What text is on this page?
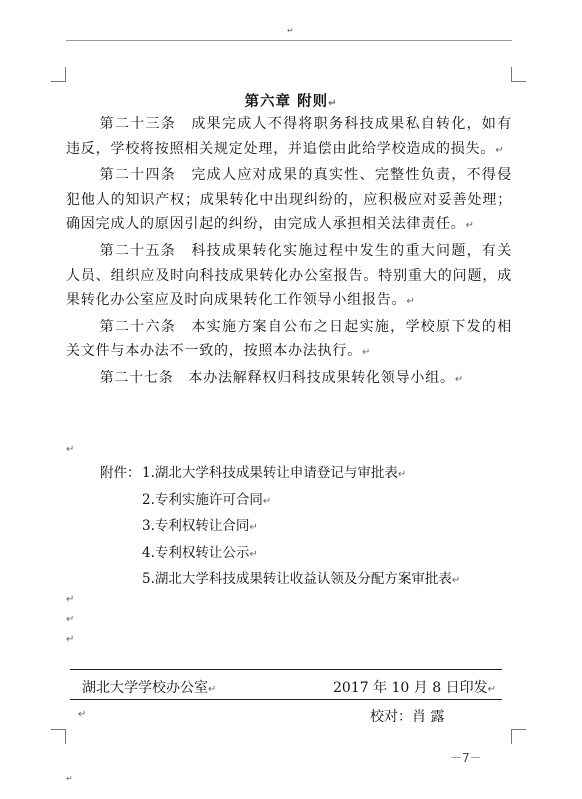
↵
第六章 附则↵

第二十三条　 成果完成人不得将职务科技成果私自转化，如有违反，学校将按照相关规定处理，并追偿由此给学校造成的损失。↵

第二十四条　 完成人应对成果的真实性、完整性负责，不得侵犯他人的知识产权；成果转化中出现纠纷的，应积极应对妥善处理；确因完成人的原因引起的纠纷，由完成人承担相关法律责任。↵

第二十五条　 科技成果转化实施过程中发生的重大问题，有关人员、组织应及时向科技成果转化办公室报告。特别重大的问题，成果转化办公室应及时向成果转化工作领导小组报告。↵

第二十六条　 本实施方案自公布之日起实施，学校原下发的相关文件与本办法不一致的，按照本办法执行。↵

第二十七条　 本办法解释权归科技成果转化领导小组。↵

↵
附件： 1.湖北大学科技成果转让申请登记与审批表↵
2.专利实施许可合同↵
3.专利权转让合同↵
4.专利权转让公示↵
5.湖北大学科技成果转让收益认领及分配方案审批表↵
↵
↵
↵
湖北大学学校办公室↵	2017 年 10 月 8 日印发↵
↵	校对：肖 露
－7－
↵
